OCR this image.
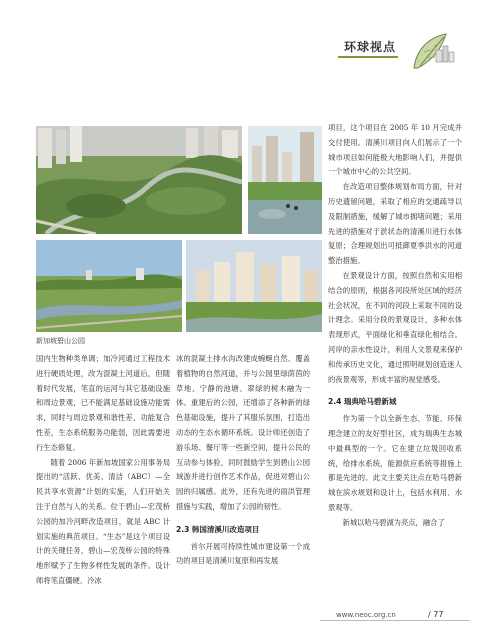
环球视点
新加坡碧山公园

国内生物种类单调；加冷河通过工程技术进行硬质处理，改为混凝土河道后，但随着时代发展，笔直的运河与其它基础设施和周边景观，已不能满足基础设施功能需求，同时与周边景观和谐性差、功能复合性差，生态系统服务功能弱，因此需要进行生态修复。

随着 2006 年新加坡国家公用事务局提出的“活跃、优美、清洁（ABC）—全民共享水资源”计划的实施，人们开始关注于自然与人的关系。位于碧山—宏茂桥公园的加冷河畔改造项目，就是 ABC 计划实施的典范项目。“生态”是这个项目设计的关键任务，碧山—宏茂桥公园的特殊地形赋予了生物多样性发展的条件。设计师将笔直僵硬、冷冰

冰的混凝土排水沟改建成蜿蜒自然、覆盖着植物的自然河道，并与公园里绿荫茵的草地、宁静的池塘、翠绿的树木融为一体。重建后的公园，还增添了各种新的绿色基础设施，提升了其服乐氛围，打造出动态的生态水循环系统。设计师还创造了游乐场、餐厅等一些新空间，提升公民的互动参与体验，同时鼓励学生到碧山公园域游并进行创作艺术作品，促进对碧山公园的归属感。此外，还有先进的雨洪管理措施与实践，增加了公园的韧性。

2.3 韩国清溪川改造项目

首尔开展可持续性城市建设第一个成功的项目是清溪川复原和再发展

项目，这个项目在 2005 年 10 月完成并交付使用。清溪川项目向人们展示了一个城市项目如何能极大地影响人们，并提供一个城市中心的公共空间。

在改造项目整体规划布局方面，针对历史遗留问题，采取了相应的交通疏导以及限制措施，缓解了城市拥堵问题；采用先进的措施对于淤状态的清溪川进行水体复原；合理规划出可抵御夏季洪水的河道整治措施。

在景观设计方面，按照自然和实用相结合的原则，根据各河段所处区域的经济社会状况，在不同的河段上采取不同的设计理念。采用分段的景观设计，多种水体表现形式，平面绿化和垂直绿化相结合。河岸的亲水性设计，利用人文景观来保护和传承历史文化，通过照明规划创造迷人的夜景观等，形成丰富的视觉感受。

2.4 瑞典哈马碧新城

作为第一个以全新生态、节能、环保理念建立的友好型社区，成为瑞典生态城中最典型的一个。它在建立垃圾回收系统，给排水系统，能源供应系统等措施上都是先进的。此文主要关注点在哈马碧新城在滨水规划和设计上，包括水利用、水景观等。

新城以哈马碧湖为亮点，融合了

www.neoc.org.cn	/ 77
